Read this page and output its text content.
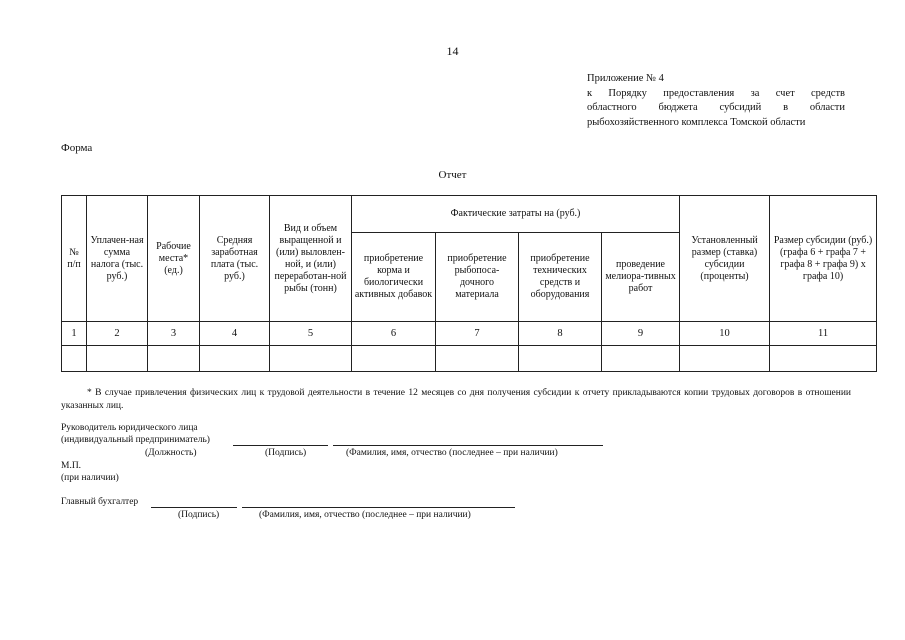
14
Приложение № 4
к Порядку предоставления за счет средств
областного бюджета субсидий в области
рыбохозяйственного комплекса Томской области
Форма
Отчет
№ п/п	Уплачен-ная сумма налога (тыс. руб.)	Рабочие места* (ед.)	Средняя заработная плата (тыс. руб.)	Вид и объем выращенной и (или) выловлен-ной, и (или) переработан-ной рыбы (тонн)	Фактические затраты на (руб.)				Установленный размер (ставка) субсидии (проценты)	Размер субсидии (руб.) (графа 6 + графа 7 + графа 8 + графа 9) х графа 10)
					приобретение корма и биологически активных добавок	приобретение рыбопоса-дочного материала	приобретение технических средств и оборудования	проведение мелиора-тивных работ		
1	2	3	4	5	6	7	8	9	10	11

* В случае привлечения физических лиц к трудовой деятельности в течение 12 месяцев со дня получения субсидии к отчету прикладываются копии трудовых договоров в отношении указанных лиц.
Руководитель юридического лица
(индивидуальный предприниматель)
(Должность)	(Подпись)	(Фамилия, имя, отчество (последнее – при наличии)
М.П.
(при наличии)
Главный бухгалтер
(Подпись)	(Фамилия, имя, отчество (последнее – при наличии)
